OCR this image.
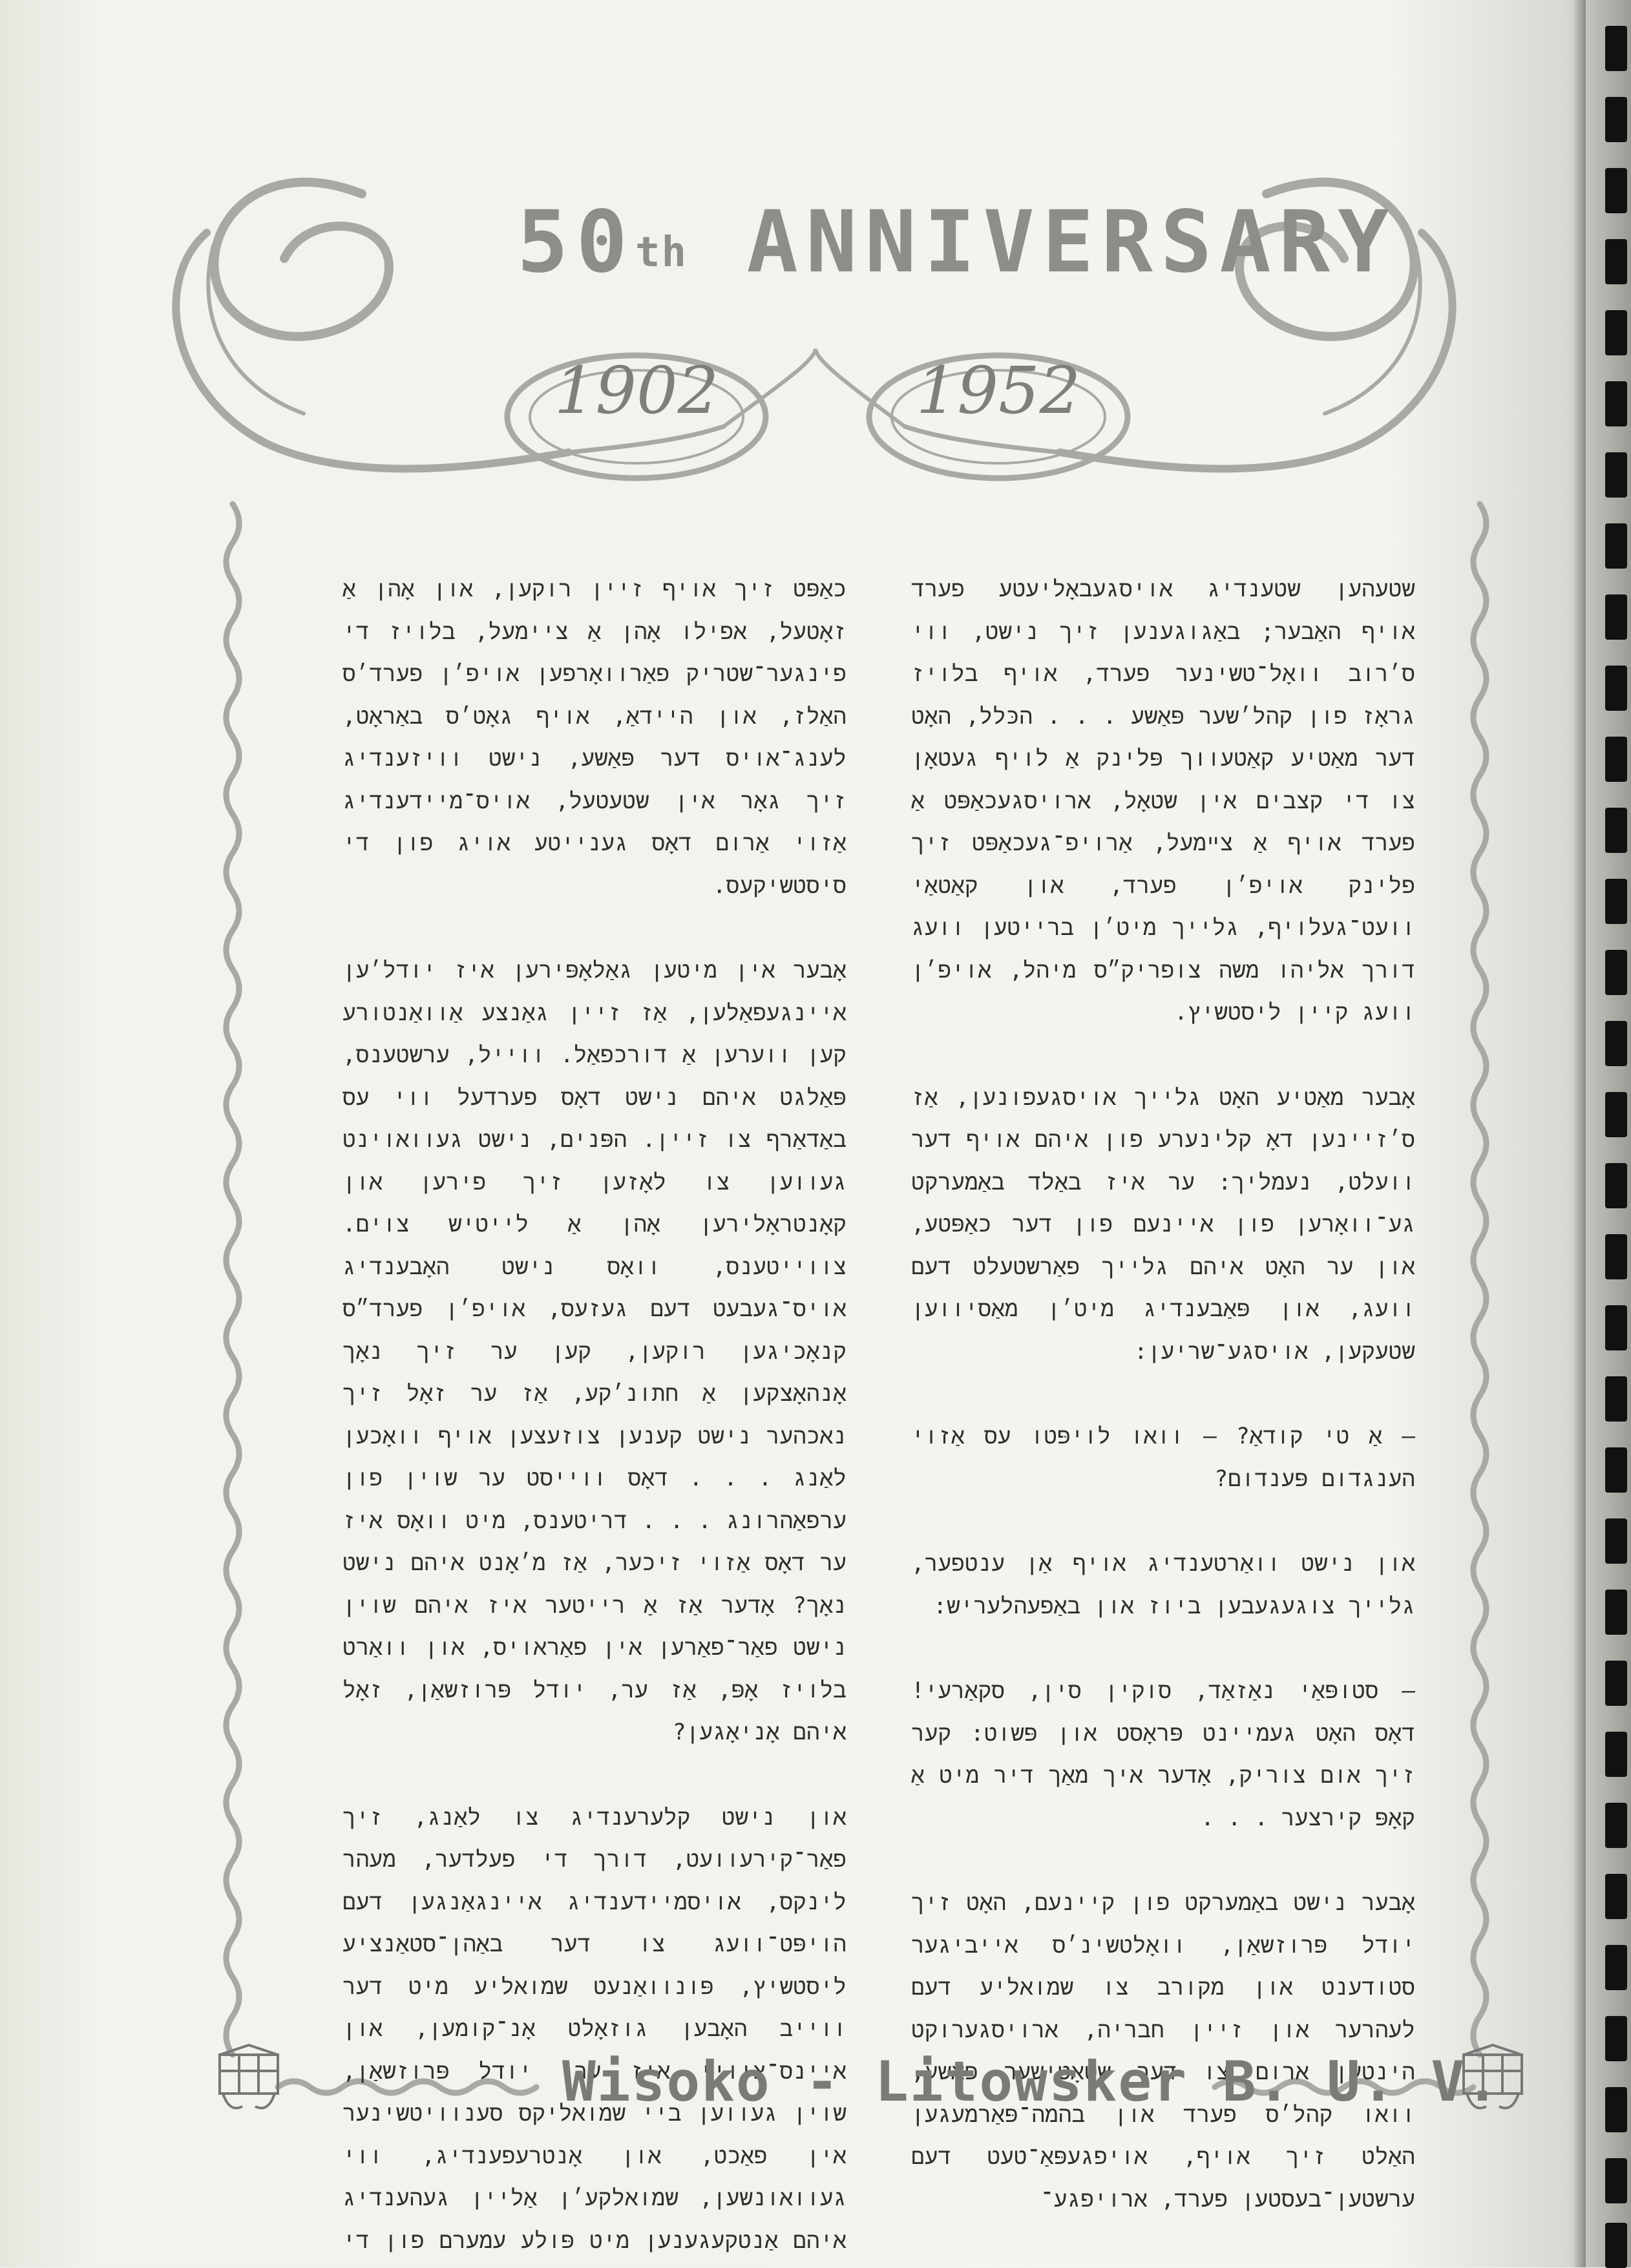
50th ANNIVERSARY
1902	1952

שטעהען שטענדיג אויסגעבאָליעטע פערד אויף האַבער; באַגוגענען זיך נישט, ווי ס׳רוב וואָל־טשינער פערד, אויף בלויז גראָז פון קהל׳שער פּאַשע . . . הכּלל, האָט דער מאַטיע קאַטעווך פּלינק אַ לויף געטאָן צו די קצבים אין שטאָל, ארויסגעכאַפּט אַ פערד אויף אַ צײמעל, אַרויפ־געכאַפּט זיך פלינק אויפ׳ן פערד, און קאַטאַי וועט־געלויף, גלייך מיט׳ן ברייטען וועג דורך אליהו משה צופריק״ס מיהל, אויפ׳ן וועג קיין ליסטשיץ.

אָבער מאַטיע האָט גלייך אויסגעפונען, אַז ס׳זיינען דאָ קלינערע פון איהם אויף דער וועלט, נעמליך: ער איז באַלד באַמערקט גע־וואָרען פון איינעם פון דער כאַפּטע, און ער האָט איהם גלייך פאַרשטעלט דעם וועג, און פּאַבענדיג מיט׳ן מאַסיווען שטעקען, אויסגע־שריען:

— אַ טי קודאַ? — וואו לויפּטו עס אַזוי הענגדום פּענדום?

און נישט וואַרטענדיג אויף אַן ענטפער, גלייך צוגעגעבען ביוז און באַפעהלעריש:

— סטופּאַי נאַזאַד, סוקין סין, סקאַרעי! דאָס האָט געמיינט פּראָסט און פּשוט: קער זיך אום צוריק, אָדער איך מאַך דיר מיט אַ קאָפּ קירצער . . .

אָבער נישט באַמערקט פון קיינעם, האָט זיך יודל פּרוזשאַן, וואָלטשינ׳ס אייביגער סטודענט און מקורב צו שמואליע דעם לעהרער און זיין חבריה, ארויסגערוקט הינטען ארום צו דער שטאָטישער פּאַשע, וואו קהל׳ס פערד און בהמה־פּאַרמעגען האַלט זיך אויף, אויפגעפּאַ־טעט דעם ערשטען־בעסטען פערד, ארויפגע־

כאַפּט זיך אויף זיין רוקען, און אָהן אַ זאָטעל, אפילו אָהן אַ ציימעל, בלויז די פינגער־שטריק פאַרוואָרפען אויפ׳ן פערד׳ס האַלז, און היידאַ, אויף גאָט׳ס באַראָט, לענג־אויס דער פּאַשע, נישט וויזענדיג זיך גאָר אין שטעטעל, אויס־מיידענדיג אַזוי אַרום דאָס גענייטע אויג פון די סיסטשיקעס.

אָבער אין מיטען גאַלאָפּירען איז יודל׳ען איינגעפאַלען, אַז זיין גאַנצע אַוואַנטורע קען ווערען אַ דורכפאַל. ווייל, ערשטענס, פּאַלגט איהם נישט דאָס פערדעל ווי עס באַדאַרף צו זיין. הפּנים, נישט געוואוינט געווען צו לאָזען זיך פירען און קאָנטראָלירען אָהן אַ לייטיש צוים. צווייטענס, וואָס נישט האָבענדיג אויס־געבעט דעם געזעס, אויפ׳ן פערד״ס קנאָכיגען רוקען, קען ער זיך נאָך אָנהאָצקען אַ חתונ׳קע, אַז ער זאָל זיך נאכהער נישט קענען צוזעצען אויף וואָכען לאַנג . . . דאָס ווייסט ער שוין פון ערפאַהרונג . . . דריטענס, מיט וואָס איז ער דאָס אַזוי זיכער, אַז מ׳אָנט איהם נישט נאָך? אָדער אַז אַ רייטער איז איהם שוין נישט פאַר־פאַרען אין פאַראויס, און וואַרט בלויז אָפּ, אַז ער, יודל פּרוזשאַן, זאָל איהם אָניאָגען?

און נישט קלערענדיג צו לאַנג, זיך פאַר־קירעוועט, דורך די פעלדער, מעהר לינקס, אויסמיידענדיג איינגאַנגען דעם הויפּט־וועג צו דער באַהן־סטאַנציע ליסטשיץ, פּונוואַנעט שמואליע מיט דער ווייב האָבען גוזאָלט אָנ־קומען, און איינס־צוויי איז ער, יודל פּרוזשאַן, שוין געווען ביי שמואליקס סענוויטשינער אין פאַכט, און אָנטרעפענדיג, ווי געוואונשען, שמואלקע׳ן אַליין געהענדיג איהם אַנטקעגענען מיט פּולע עמערם פון די

Wisoko - Litowsker B. U. V.
